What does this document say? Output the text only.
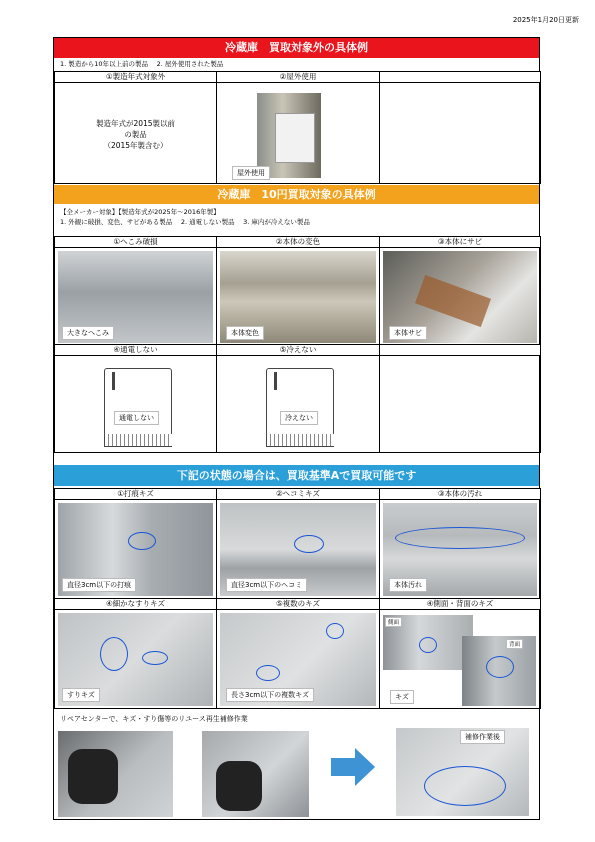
2025年1月20日更新
冷蔵庫　買取対象外の具体例
1. 製造から10年以上前の製品　 2. 屋外使用された製品
①製造年式対象外	②屋外使用
製造年式が2015製以前
の製品
（2015年製含む）
屋外使用
冷蔵庫　10円買取対象の具体例
【全メーカー対象】【製造年式が2025年～2016年製】
1. 外観に破損、変色、サビがある製品　 2. 通電しない製品　 3. 庫内が冷えない製品
①へこみ破損	②本体の変色	③本体にサビ
大きなへこみ	本体変色	本体サビ
④通電しない	⑤冷えない
通電しない	冷えない
下記の状態の場合は、買取基準Aで買取可能です
①打痕キズ	②ヘコミキズ	③本体の汚れ
直径3cm以下の打痕	直径3cm以下のヘコミ	本体汚れ
④細かなすりキズ	⑤複数のキズ	④側面・背面のキズ
すりキズ	長さ3cm以下の複数キズ
側面
背面
キズ
リペアセンターで、キズ・すり傷等のリユース再生補修作業
補修作業後
